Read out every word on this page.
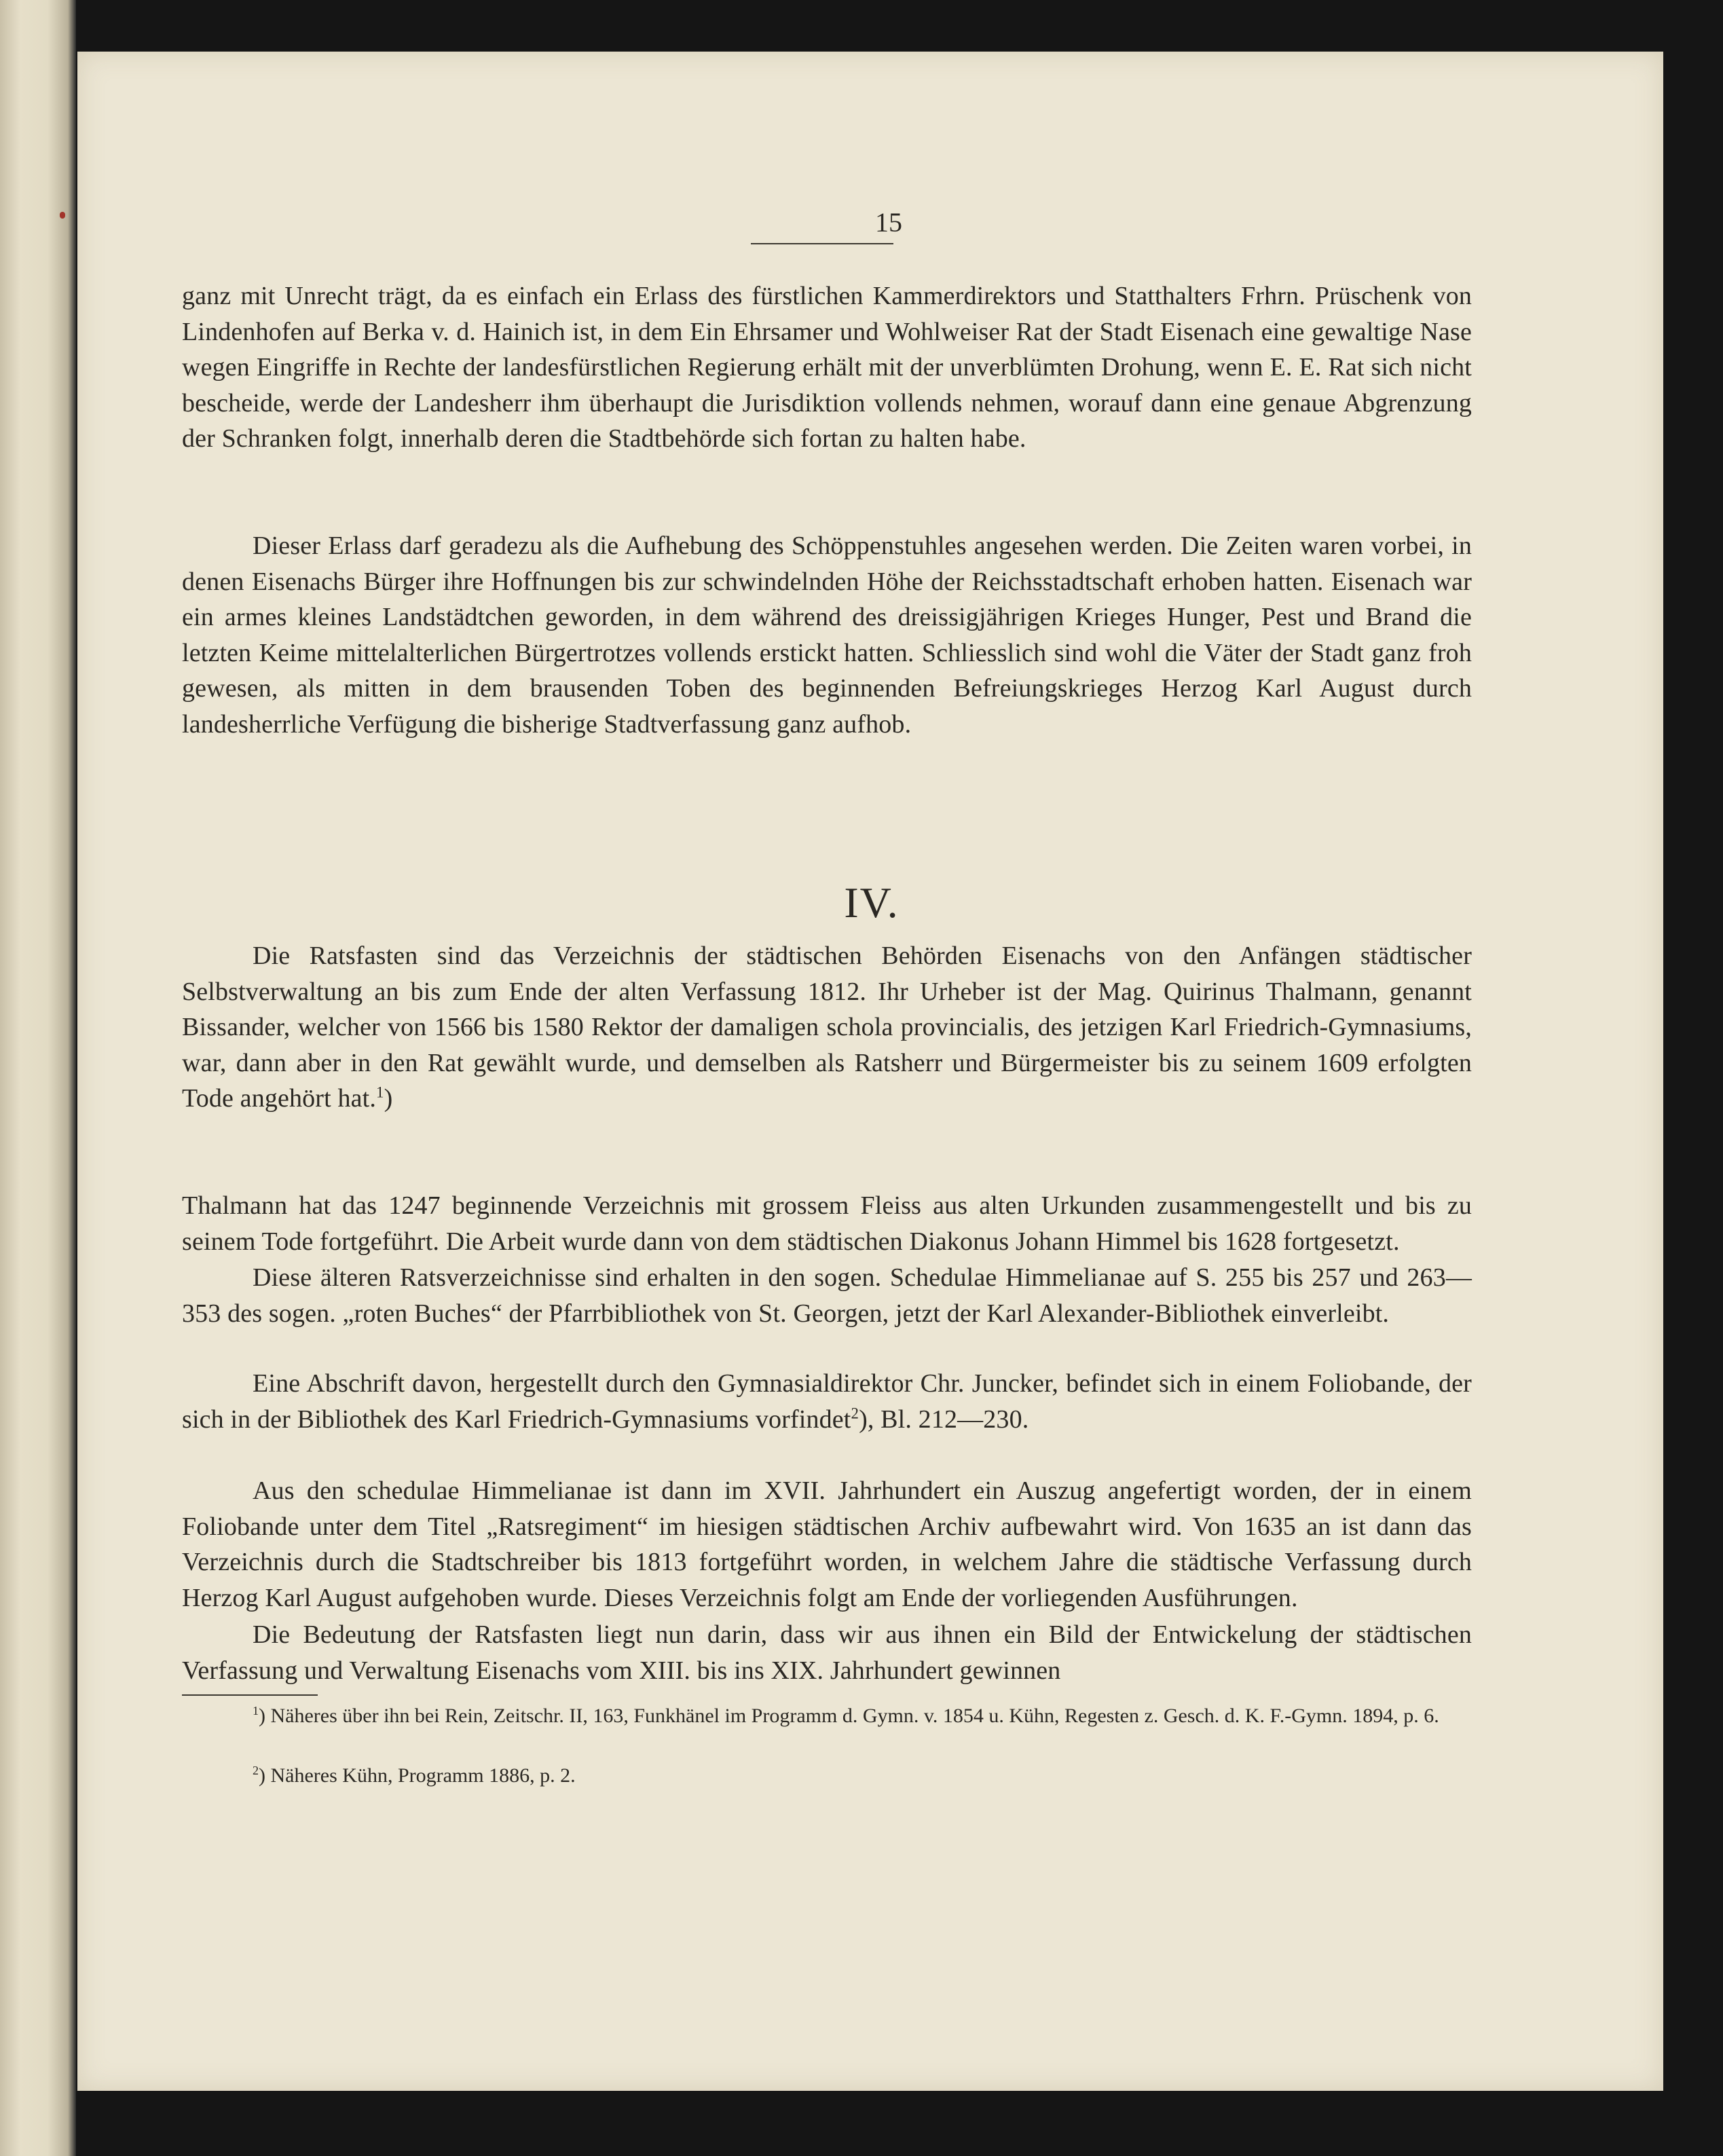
15

ganz mit Unrecht trägt, da es einfach ein Erlass des fürstlichen Kammerdirektors und Statthalters Frhrn. Prüschenk von Lindenhofen auf Berka v. d. Hainich ist, in dem Ein Ehrsamer und Wohlweiser Rat der Stadt Eisenach eine gewaltige Nase wegen Eingriffe in Rechte der landesfürstlichen Regierung erhält mit der unverblümten Drohung, wenn E. E. Rat sich nicht bescheide, werde der Landesherr ihm überhaupt die Jurisdiktion vollends nehmen, worauf dann eine genaue Abgrenzung der Schranken folgt, innerhalb deren die Stadtbehörde sich fortan zu halten habe.

Dieser Erlass darf geradezu als die Aufhebung des Schöppenstuhles angesehen werden. Die Zeiten waren vorbei, in denen Eisenachs Bürger ihre Hoffnungen bis zur schwindelnden Höhe der Reichsstadtschaft erhoben hatten. Eisenach war ein armes kleines Landstädtchen geworden, in dem während des dreissigjährigen Krieges Hunger, Pest und Brand die letzten Keime mittelalterlichen Bürgertrotzes vollends erstickt hatten. Schliesslich sind wohl die Väter der Stadt ganz froh gewesen, als mitten in dem brausenden Toben des beginnenden Befreiungskrieges Herzog Karl August durch landesherrliche Verfügung die bisherige Stadtverfassung ganz aufhob.

IV.

Die Ratsfasten sind das Verzeichnis der städtischen Behörden Eisenachs von den Anfängen städtischer Selbstverwaltung an bis zum Ende der alten Verfassung 1812. Ihr Urheber ist der Mag. Quirinus Thalmann, genannt Bissander, welcher von 1566 bis 1580 Rektor der damaligen schola provincialis, des jetzigen Karl Friedrich-Gymnasiums, war, dann aber in den Rat gewählt wurde, und demselben als Ratsherr und Bürgermeister bis zu seinem 1609 erfolgten Tode angehört hat.$^1$)

Thalmann hat das 1247 beginnende Verzeichnis mit grossem Fleiss aus alten Urkunden zusammengestellt und bis zu seinem Tode fortgeführt. Die Arbeit wurde dann von dem städtischen Diakonus Johann Himmel bis 1628 fortgesetzt.

Diese älteren Ratsverzeichnisse sind erhalten in den sogen. Schedulae Himmelianae auf S. 255 bis 257 und 263—353 des sogen. „roten Buches“ der Pfarrbibliothek von St. Georgen, jetzt der Karl Alexander-Bibliothek einverleibt.

Eine Abschrift davon, hergestellt durch den Gymnasialdirektor Chr. Juncker, befindet sich in einem Foliobande, der sich in der Bibliothek des Karl Friedrich-Gymnasiums vorfindet$^2$), Bl. 212—230.

Aus den schedulae Himmelianae ist dann im XVII. Jahrhundert ein Auszug angefertigt worden, der in einem Foliobande unter dem Titel „Ratsregiment“ im hiesigen städtischen Archiv aufbewahrt wird. Von 1635 an ist dann das Verzeichnis durch die Stadtschreiber bis 1813 fortgeführt worden, in welchem Jahre die städtische Verfassung durch Herzog Karl August aufgehoben wurde. Dieses Verzeichnis folgt am Ende der vorliegenden Ausführungen.

Die Bedeutung der Ratsfasten liegt nun darin, dass wir aus ihnen ein Bild der Entwickelung der städtischen Verfassung und Verwaltung Eisenachs vom XIII. bis ins XIX. Jahrhundert gewinnen

$^1$) Näheres über ihn bei Rein, Zeitschr. II, 163, Funkhänel im Programm d. Gymn. v. 1854 u. Kühn, Regesten z. Gesch. d. K. F.-Gymn. 1894, p. 6.

$^2$) Näheres Kühn, Programm 1886, p. 2.
